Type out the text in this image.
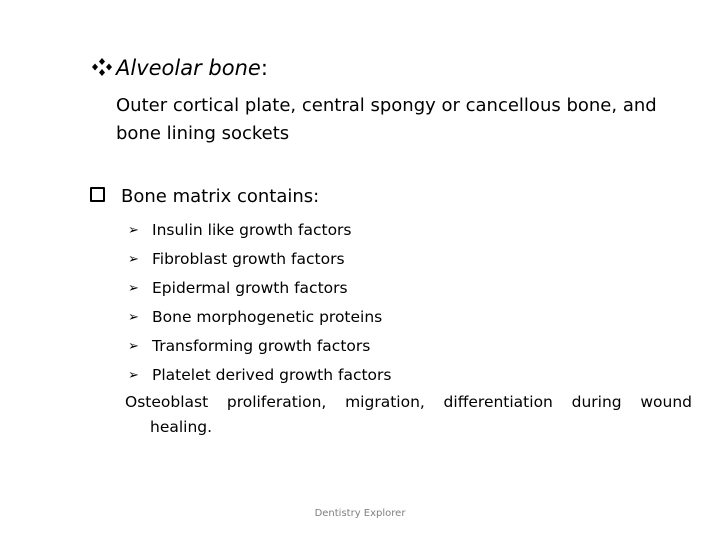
Alveolar bone:
Outer cortical plate, central spongy or cancellous bone, and bone lining sockets
Bone matrix contains:
➢ Insulin like growth factors
➢ Fibroblast growth factors
➢ Epidermal growth factors
➢ Bone morphogenetic proteins
➢ Transforming growth factors
➢ Platelet derived growth factors
Osteoblast proliferation, migration, differentiation during wound
healing.
Dentistry Explorer
